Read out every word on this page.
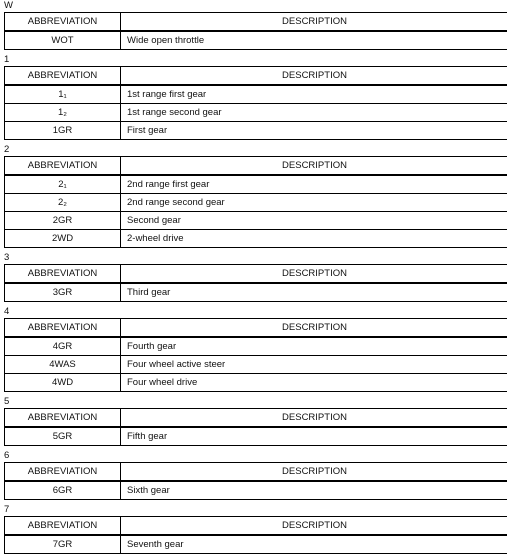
W
ABBREVIATION	DESCRIPTION
WOT	Wide open throttle
1
ABBREVIATION	DESCRIPTION
1₁	1st range first gear
1₂	1st range second gear
1GR	First gear
2
ABBREVIATION	DESCRIPTION
2₁	2nd range first gear
2₂	2nd range second gear
2GR	Second gear
2WD	2-wheel drive
3
ABBREVIATION	DESCRIPTION
3GR	Third gear
4
ABBREVIATION	DESCRIPTION
4GR	Fourth gear
4WAS	Four wheel active steer
4WD	Four wheel drive
5
ABBREVIATION	DESCRIPTION
5GR	Fifth gear
6
ABBREVIATION	DESCRIPTION
6GR	Sixth gear
7
ABBREVIATION	DESCRIPTION
7GR	Seventh gear
